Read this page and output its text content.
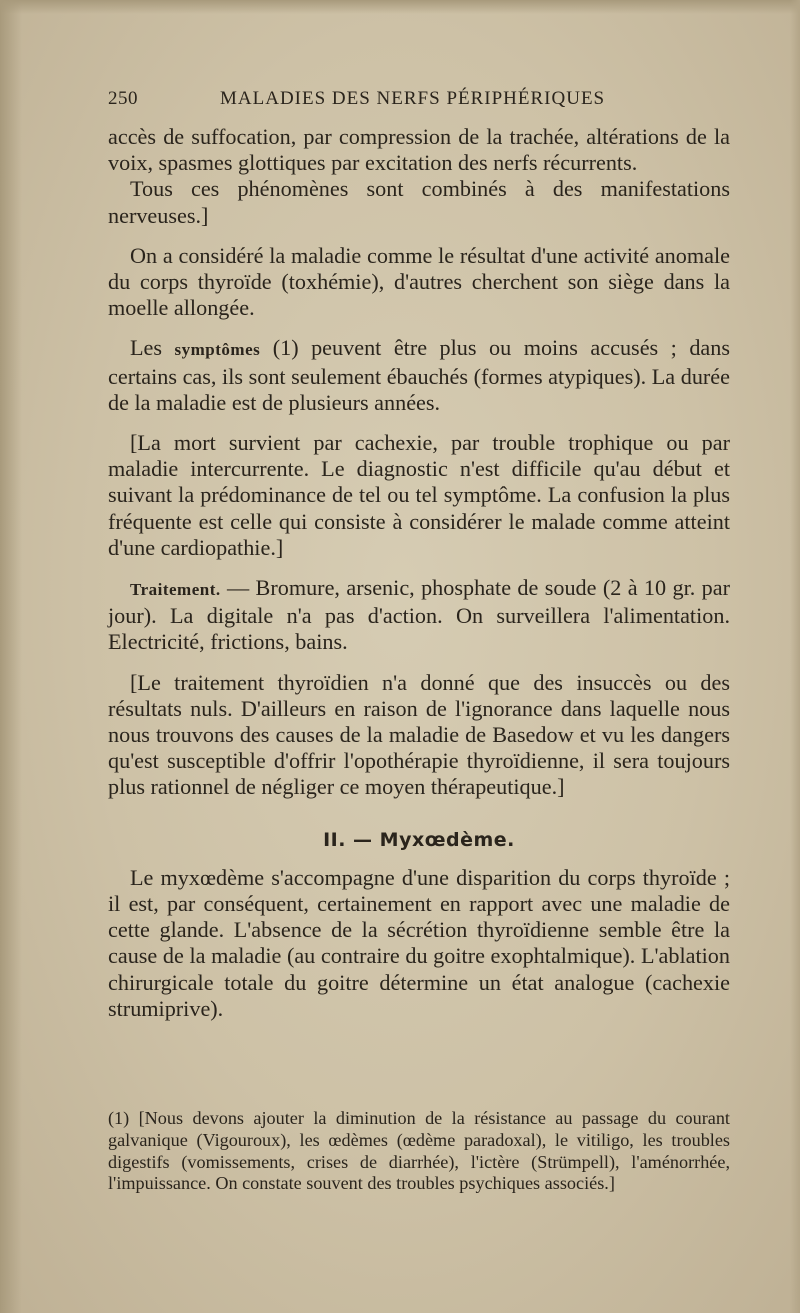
250	MALADIES DES NERFS PÉRIPHÉRIQUES

accès de suffocation, par compression de la trachée, altérations de la voix, spasmes glottiques par excitation des nerfs récurrents.

Tous ces phénomènes sont combinés à des manifestations nerveuses.]

On a considéré la maladie comme le résultat d'une activité anomale du corps thyroïde (toxhémie), d'autres cherchent son siège dans la moelle allongée.

Les symptômes (1) peuvent être plus ou moins accusés ; dans certains cas, ils sont seulement ébauchés (formes atypiques). La durée de la maladie est de plusieurs années.

[La mort survient par cachexie, par trouble trophique ou par maladie intercurrente. Le diagnostic n'est difficile qu'au début et suivant la prédominance de tel ou tel symptôme. La confusion la plus fréquente est celle qui consiste à considérer le malade comme atteint d'une cardiopathie.]

Traitement. — Bromure, arsenic, phosphate de soude (2 à 10 gr. par jour). La digitale n'a pas d'action. On surveillera l'alimentation. Electricité, frictions, bains.

[Le traitement thyroïdien n'a donné que des insuccès ou des résultats nuls. D'ailleurs en raison de l'ignorance dans laquelle nous nous trouvons des causes de la maladie de Basedow et vu les dangers qu'est susceptible d'offrir l'opothérapie thyroïdienne, il sera toujours plus rationnel de négliger ce moyen thérapeutique.]

II. — Myxœdème.

Le myxœdème s'accompagne d'une disparition du corps thyroïde ; il est, par conséquent, certainement en rapport avec une maladie de cette glande. L'absence de la sécrétion thyroïdienne semble être la cause de la maladie (au contraire du goitre exophtalmique). L'ablation chirurgicale totale du goitre détermine un état analogue (cachexie strumiprive).

(1) [Nous devons ajouter la diminution de la résistance au passage du courant galvanique (Vigouroux), les œdèmes (œdème paradoxal), le vitiligo, les troubles digestifs (vomissements, crises de diarrhée), l'ictère (Strümpell), l'aménorrhée, l'impuissance. On constate souvent des troubles psychiques associés.]
